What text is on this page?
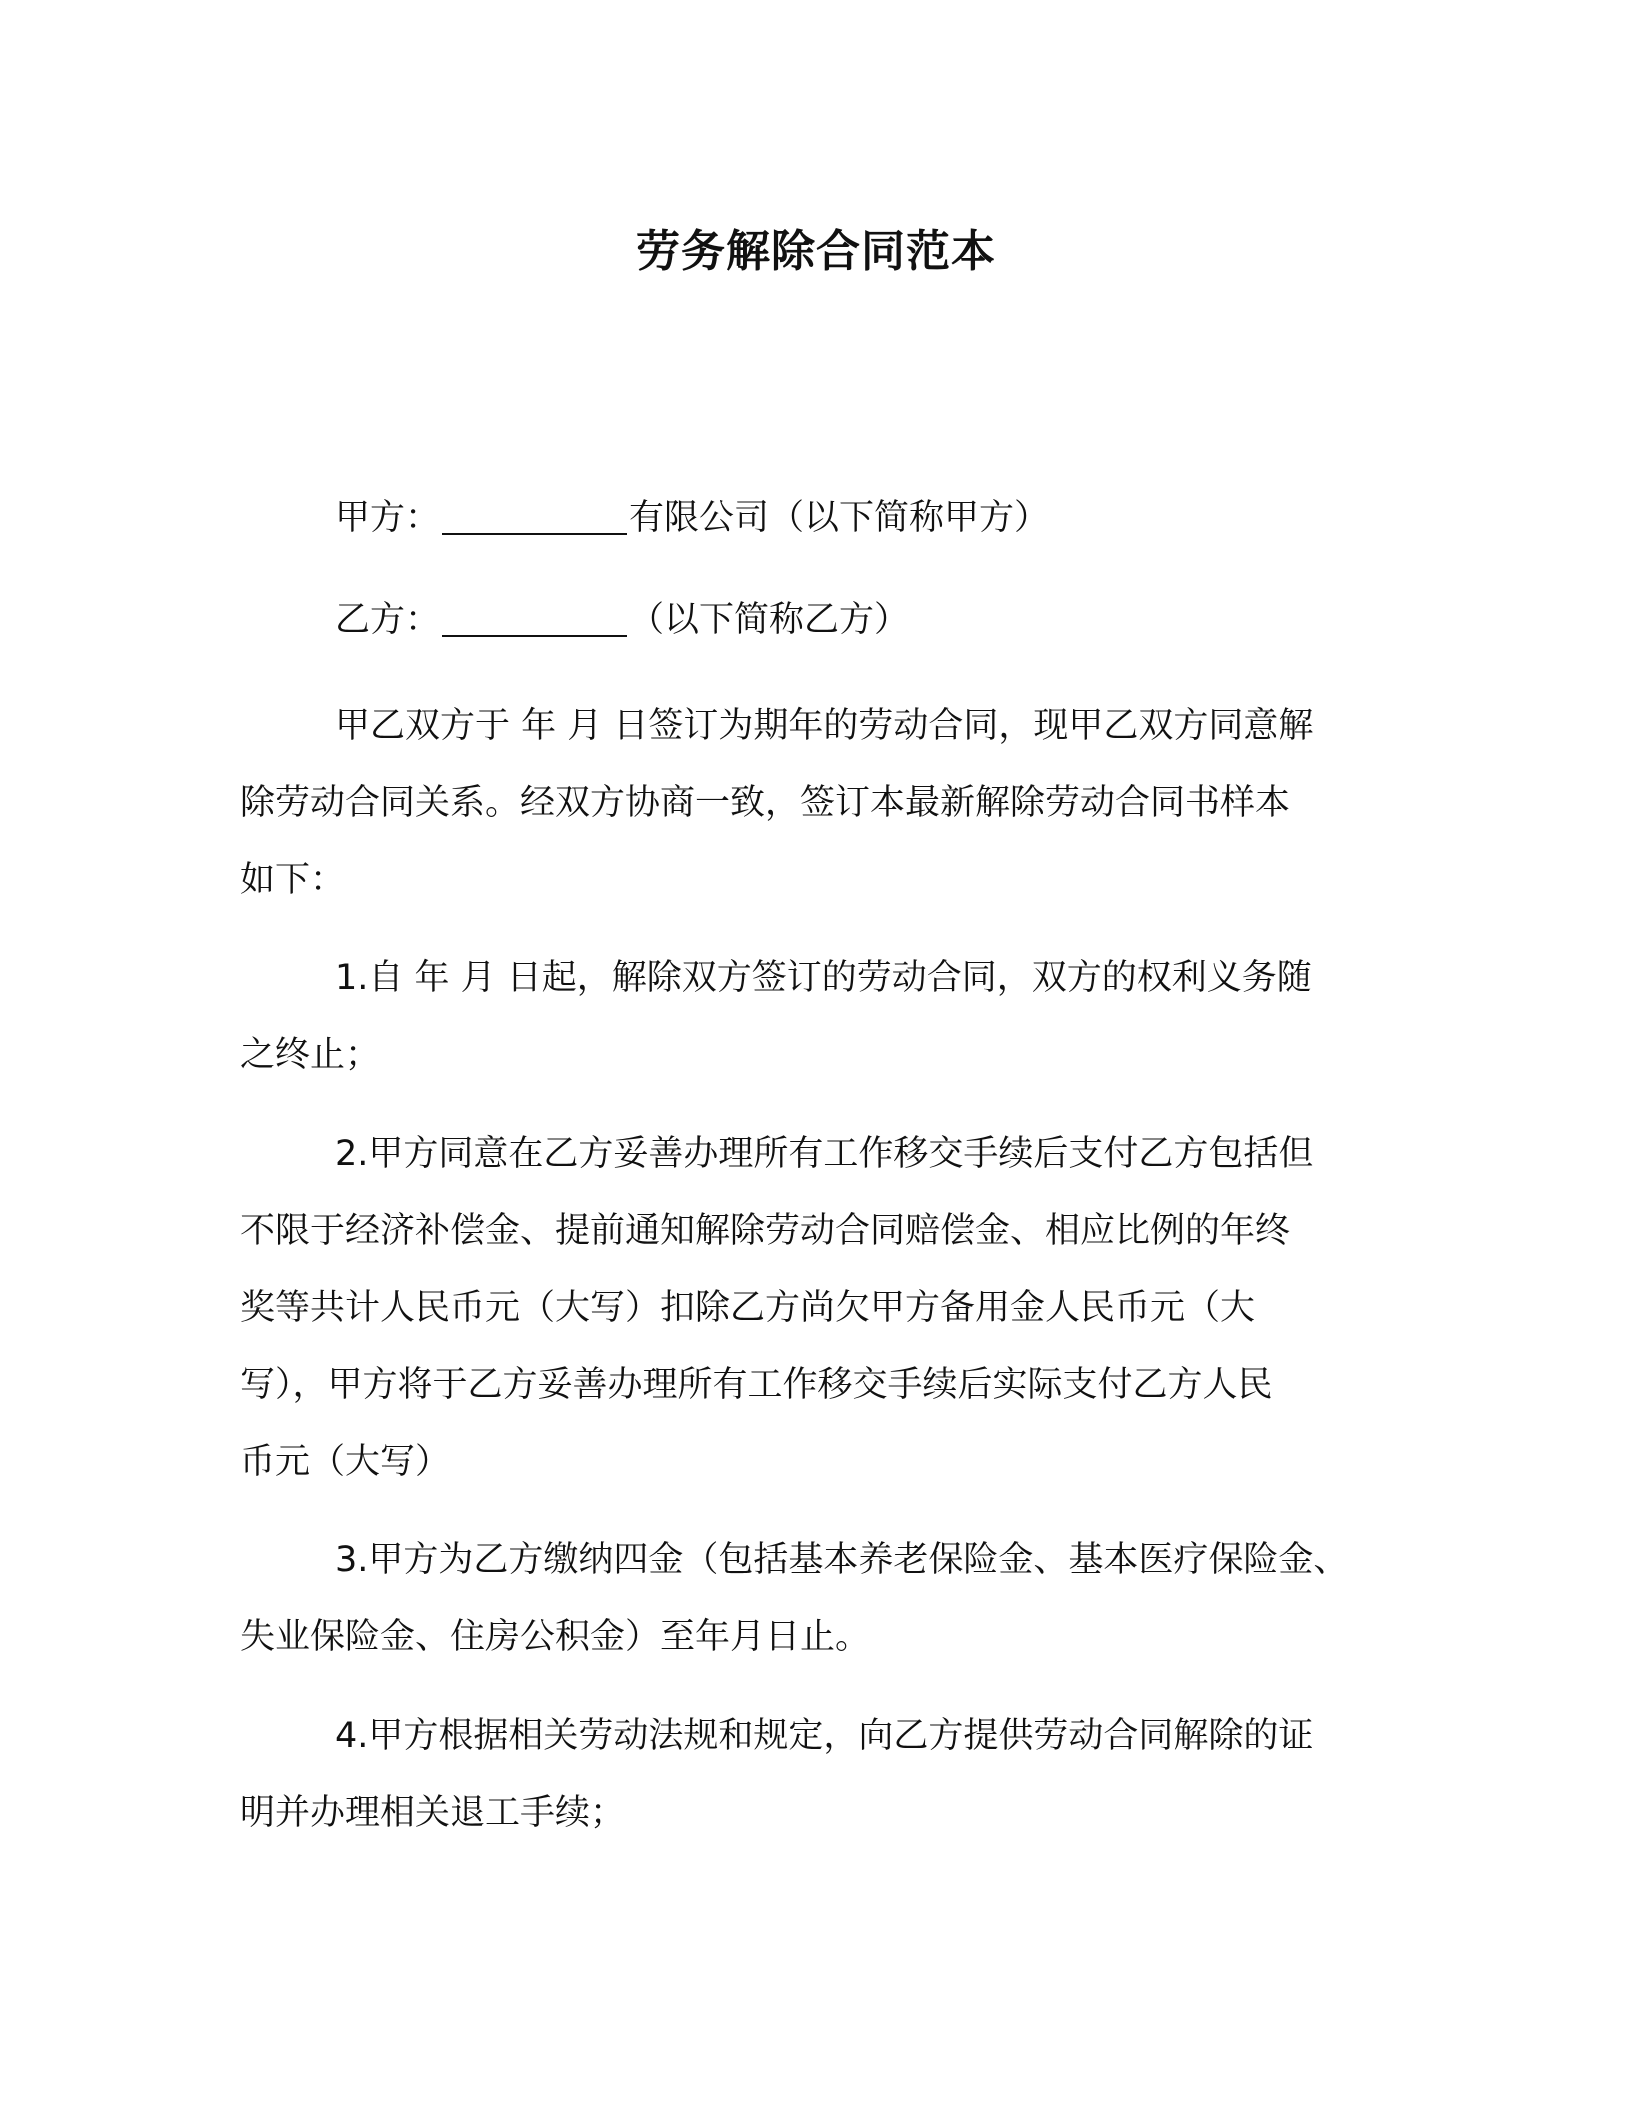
劳务解除合同范本

甲方：	有限公司（以下简称甲方）

乙方：	（以下简称乙方）

甲乙双方于 年 月 日签订为期年的劳动合同，现甲乙双方同意解
除劳动合同关系。经双方协商一致，签订本最新解除劳动合同书样本
如下：

1.自 年 月 日起，解除双方签订的劳动合同，双方的权利义务随
之终止；

2.甲方同意在乙方妥善办理所有工作移交手续后支付乙方包括但
不限于经济补偿金、提前通知解除劳动合同赔偿金、相应比例的年终
奖等共计人民币元（大写）扣除乙方尚欠甲方备用金人民币元（大
写），甲方将于乙方妥善办理所有工作移交手续后实际支付乙方人民
币元（大写）

3.甲方为乙方缴纳四金（包括基本养老保险金、基本医疗保险金、
失业保险金、住房公积金）至年月日止。

4.甲方根据相关劳动法规和规定，向乙方提供劳动合同解除的证
明并办理相关退工手续；
